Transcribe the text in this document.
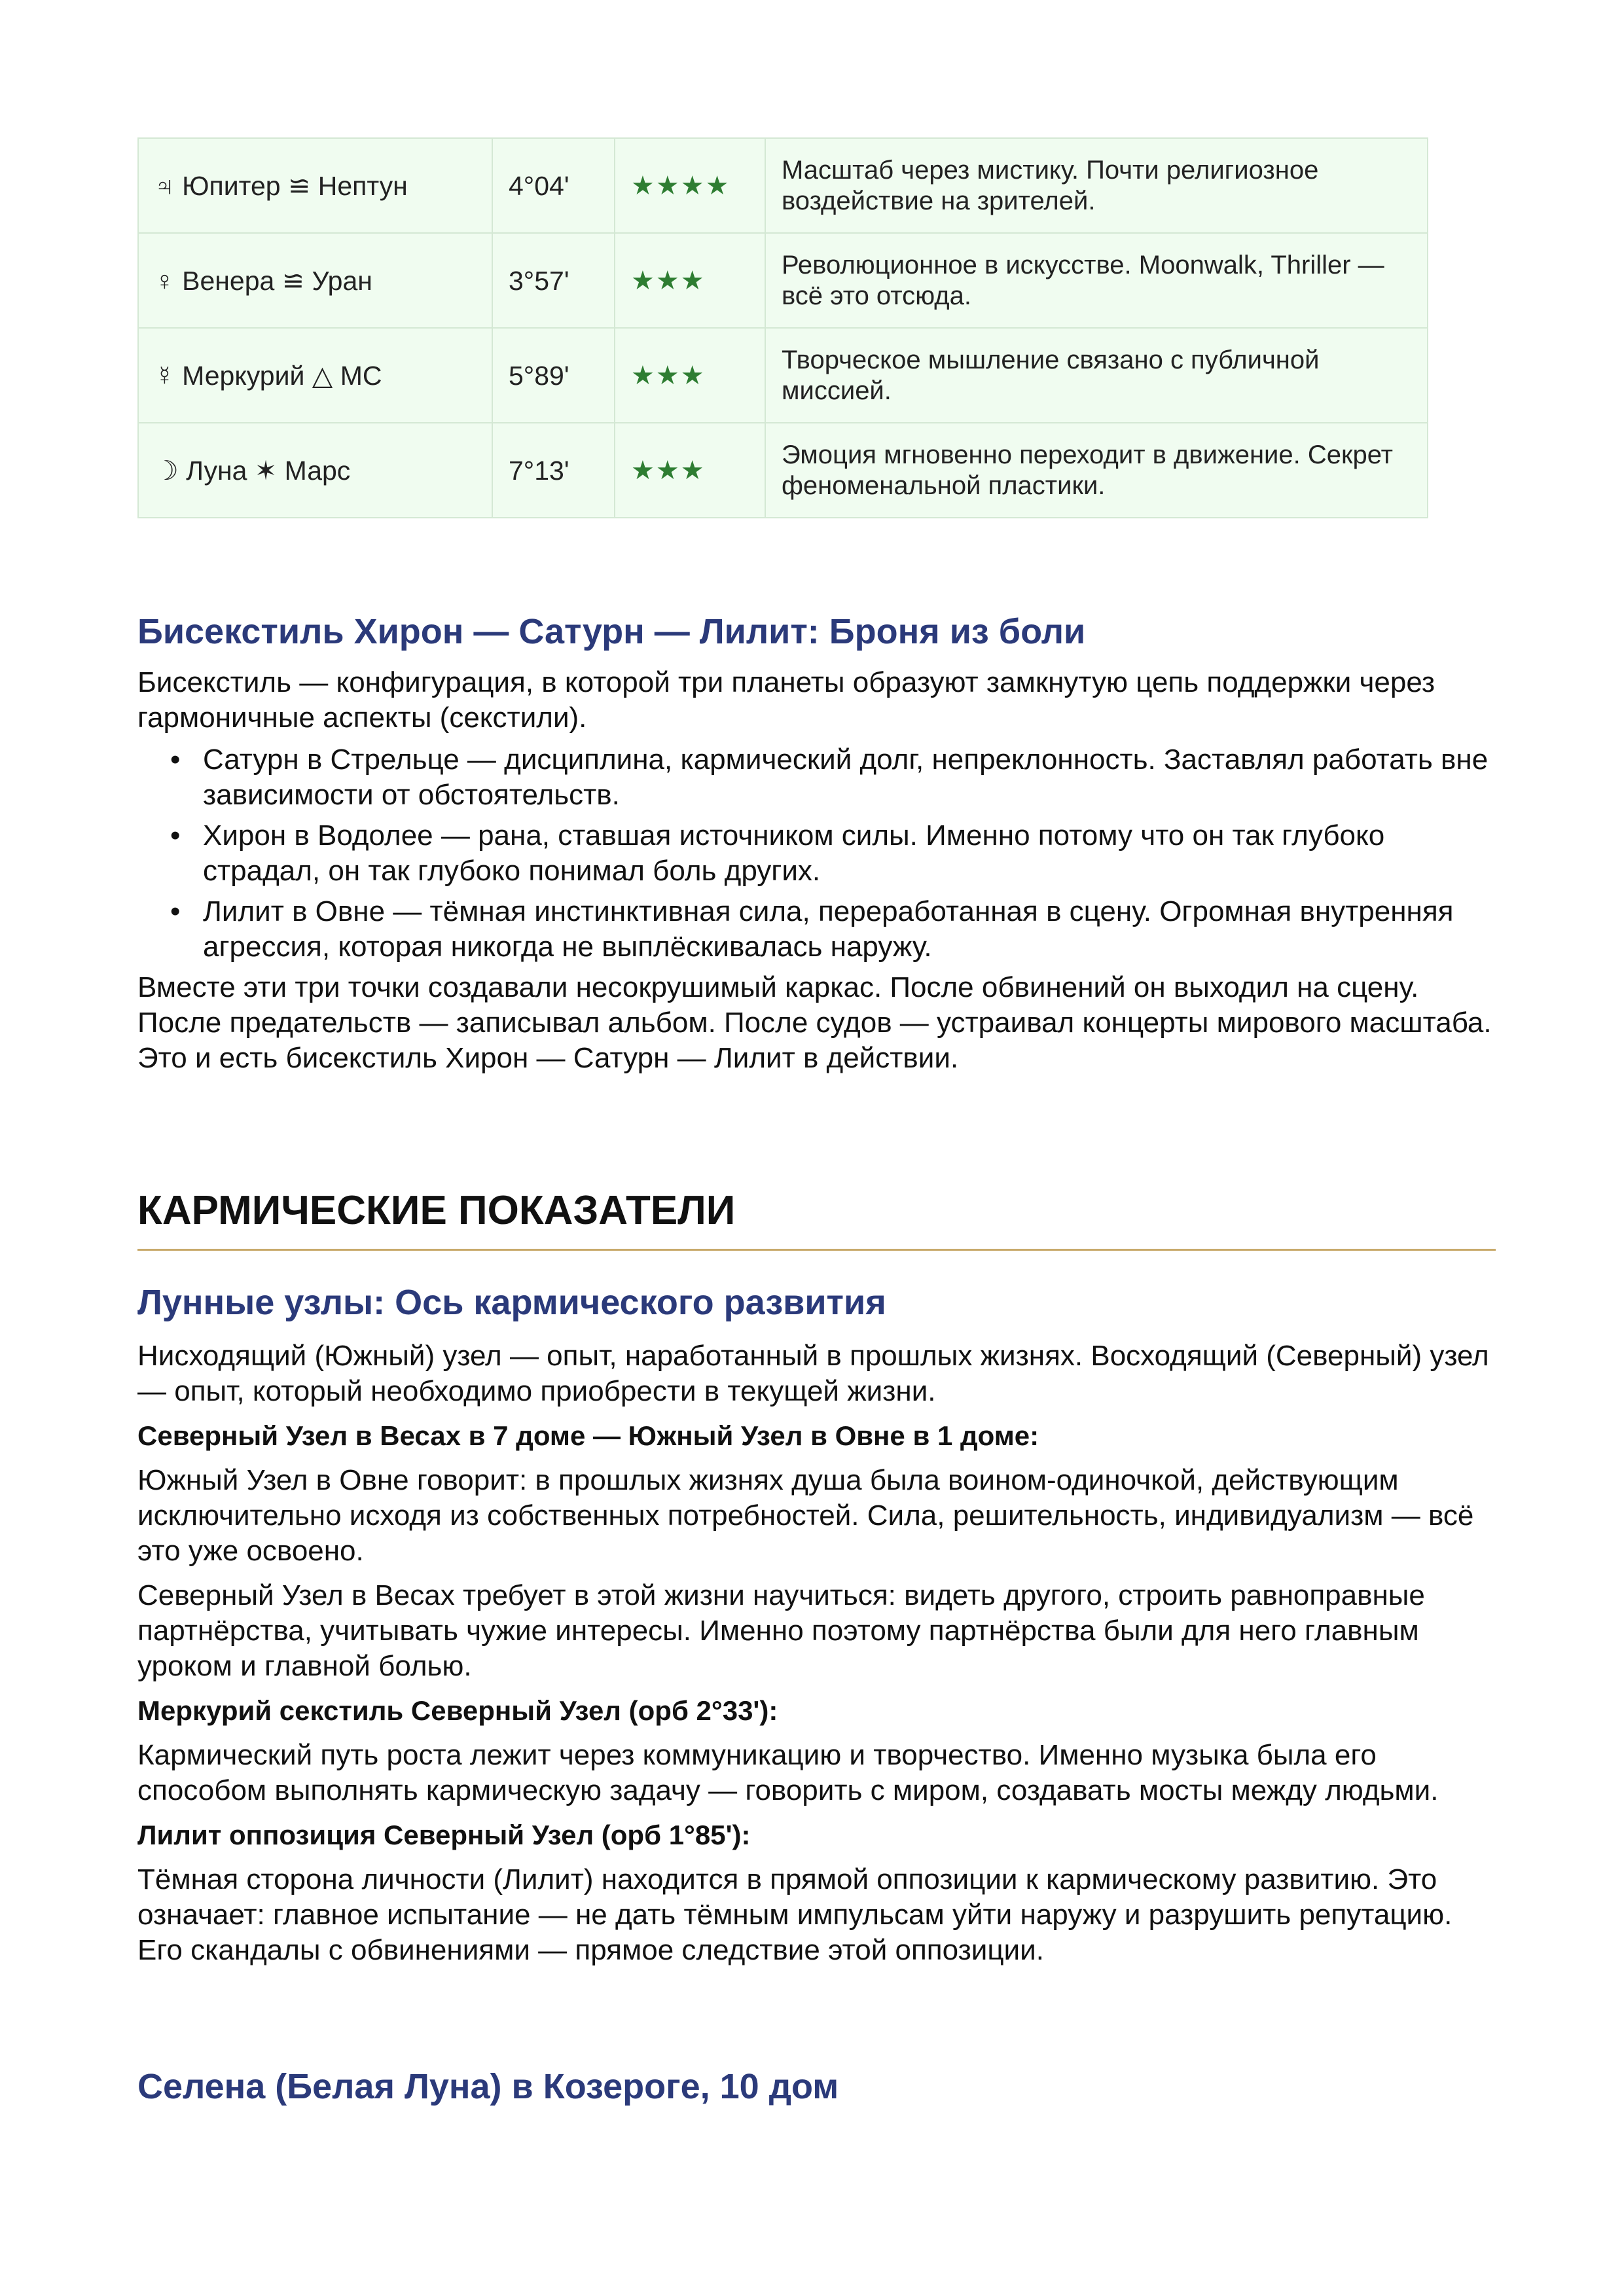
♃ Юпитер ≌ Нептун	4°04'	★★★★	Масштаб через мистику. Почти религиозное воздействие на зрителей.
♀ Венера ≌ Уран	3°57'	★★★	Революционное в искусстве. Moonwalk, Thriller — всё это отсюда.
☿ Меркурий △ МС	5°89'	★★★	Творческое мышление связано с публичной миссией.
☽ Луна ✶ Марс	7°13'	★★★	Эмоция мгновенно переходит в движение. Секрет феноменальной пластики.
Бисекстиль Хирон — Сатурн — Лилит: Броня из боли

Бисекстиль — конфигурация, в которой три планеты образуют замкнутую цепь поддержки через гармоничные аспекты (секстили).

• Сатурн в Стрельце — дисциплина, кармический долг, непреклонность. Заставлял работать вне зависимости от обстоятельств.
• Хирон в Водолее — рана, ставшая источником силы. Именно потому что он так глубоко страдал, он так глубоко понимал боль других.
• Лилит в Овне — тёмная инстинктивная сила, переработанная в сцену. Огромная внутренняя агрессия, которая никогда не выплёскивалась наружу.

Вместе эти три точки создавали несокрушимый каркас. После обвинений он выходил на сцену. После предательств — записывал альбом. После судов — устраивал концерты мирового масштаба. Это и есть бисекстиль Хирон — Сатурн — Лилит в действии.

КАРМИЧЕСКИЕ ПОКАЗАТЕЛИ
Лунные узлы: Ось кармического развития

Нисходящий (Южный) узел — опыт, наработанный в прошлых жизнях. Восходящий (Северный) узел — опыт, который необходимо приобрести в текущей жизни.

Северный Узел в Весах в 7 доме — Южный Узел в Овне в 1 доме:

Южный Узел в Овне говорит: в прошлых жизнях душа была воином-одиночкой, действующим исключительно исходя из собственных потребностей. Сила, решительность, индивидуализм — всё это уже освоено.

Северный Узел в Весах требует в этой жизни научиться: видеть другого, строить равноправные партнёрства, учитывать чужие интересы. Именно поэтому партнёрства были для него главным уроком и главной болью.

Меркурий секстиль Северный Узел (орб 2°33'):

Кармический путь роста лежит через коммуникацию и творчество. Именно музыка была его способом выполнять кармическую задачу — говорить с миром, создавать мосты между людьми.

Лилит оппозиция Северный Узел (орб 1°85'):

Тёмная сторона личности (Лилит) находится в прямой оппозиции к кармическому развитию. Это означает: главное испытание — не дать тёмным импульсам уйти наружу и разрушить репутацию. Его скандалы с обвинениями — прямое следствие этой оппозиции.

Селена (Белая Луна) в Козероге, 10 дом
